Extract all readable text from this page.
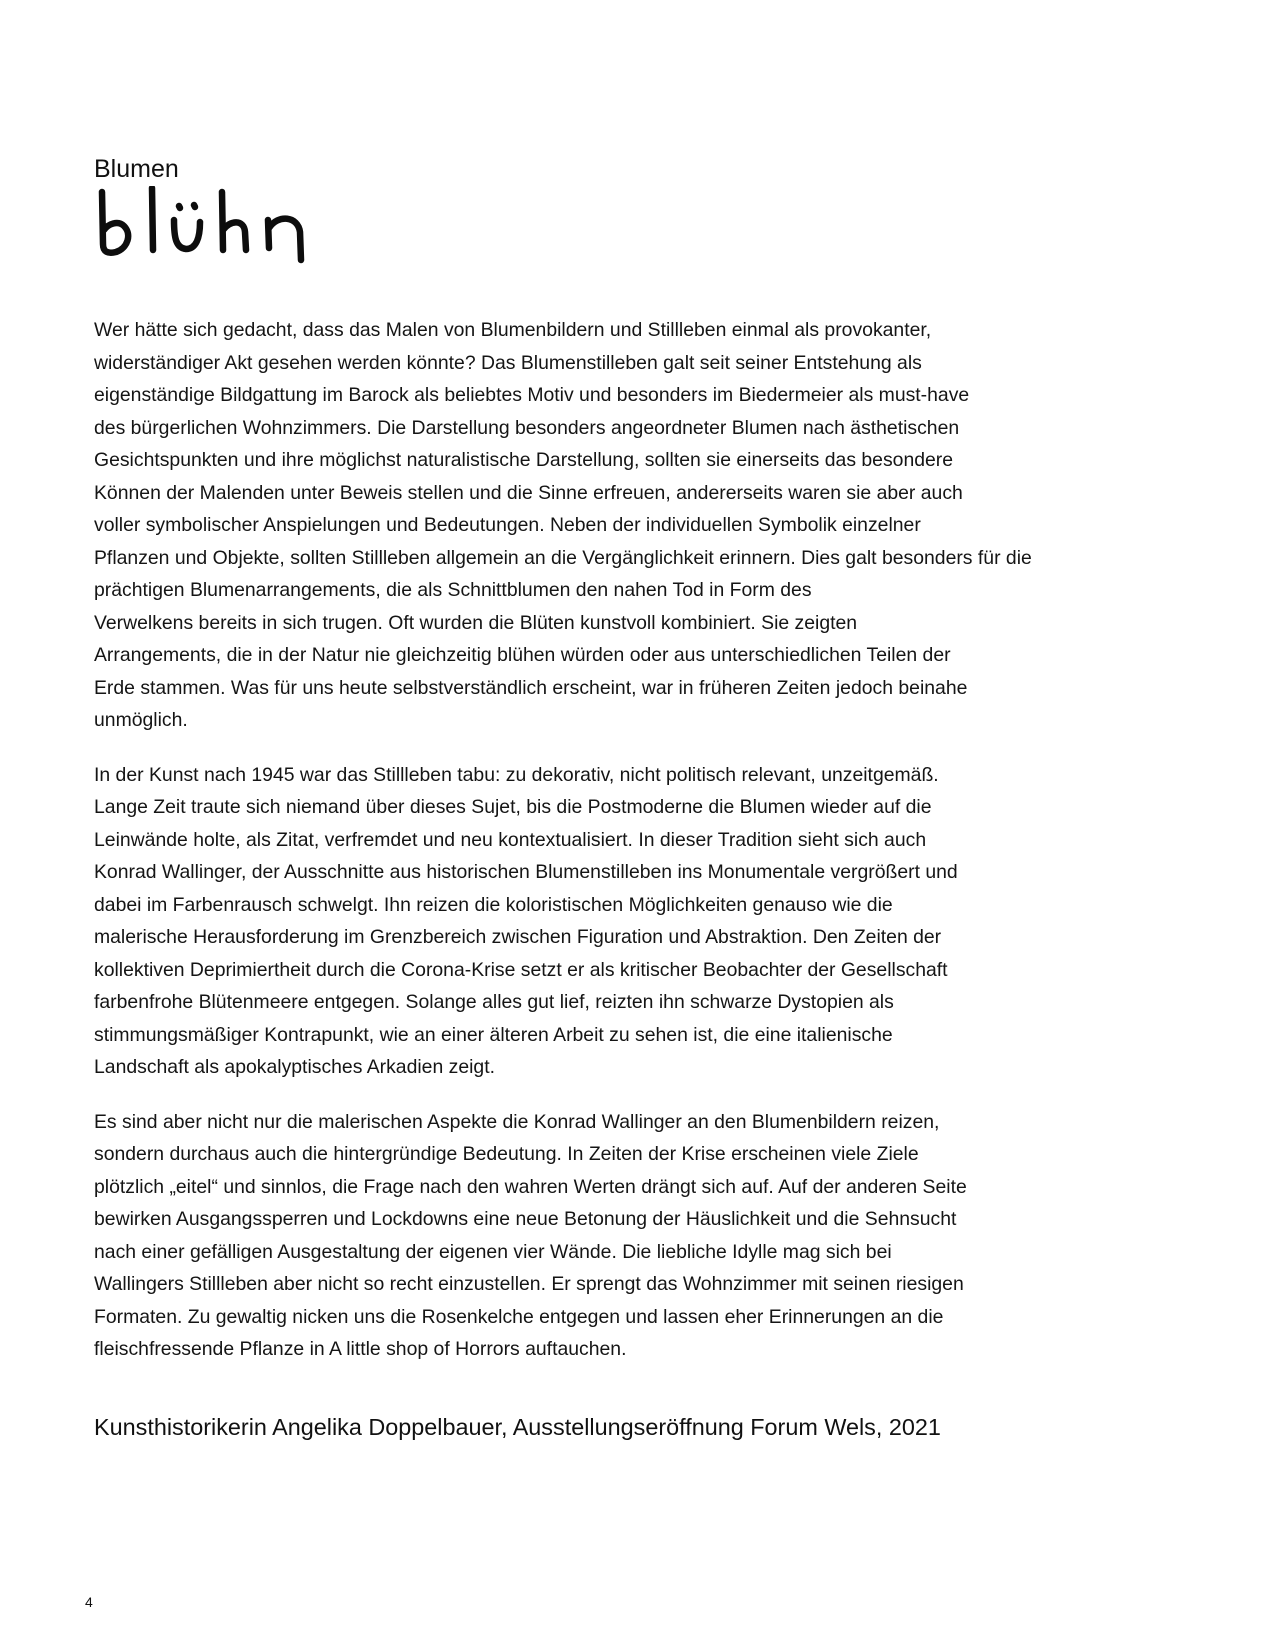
Blumen

Wer hätte sich gedacht, dass das Malen von Blumenbildern und Stillleben einmal als provokanter,
widerständiger Akt gesehen werden könnte? Das Blumenstilleben galt seit seiner Entstehung als
eigenständige Bildgattung im Barock als beliebtes Motiv und besonders im Biedermeier als must-have
des bürgerlichen Wohnzimmers. Die Darstellung besonders angeordneter Blumen nach ästhetischen
Gesichtspunkten und ihre möglichst naturalistische Darstellung, sollten sie einerseits das besondere
Können der Malenden unter Beweis stellen und die Sinne erfreuen, andererseits waren sie aber auch
voller symbolischer Anspielungen und Bedeutungen. Neben der individuellen Symbolik einzelner
Pflanzen und Objekte, sollten Stillleben allgemein an die Vergänglichkeit erinnern. Dies galt besonders für die
prächtigen Blumenarrangements, die als Schnittblumen den nahen Tod in Form des
Verwelkens bereits in sich trugen. Oft wurden die Blüten kunstvoll kombiniert. Sie zeigten
Arrangements, die in der Natur nie gleichzeitig blühen würden oder aus unterschiedlichen Teilen der
Erde stammen. Was für uns heute selbstverständlich erscheint, war in früheren Zeiten jedoch beinahe
unmöglich.

In der Kunst nach 1945 war das Stillleben tabu: zu dekorativ, nicht politisch relevant, unzeitgemäß.
Lange Zeit traute sich niemand über dieses Sujet, bis die Postmoderne die Blumen wieder auf die
Leinwände holte, als Zitat, verfremdet und neu kontextualisiert. In dieser Tradition sieht sich auch
Konrad Wallinger, der Ausschnitte aus historischen Blumenstilleben ins Monumentale vergrößert und
dabei im Farbenrausch schwelgt. Ihn reizen die koloristischen Möglichkeiten genauso wie die
malerische Herausforderung im Grenzbereich zwischen Figuration und Abstraktion. Den Zeiten der
kollektiven Deprimiertheit durch die Corona-Krise setzt er als kritischer Beobachter der Gesellschaft
farbenfrohe Blütenmeere entgegen. Solange alles gut lief, reizten ihn schwarze Dystopien als
stimmungsmäßiger Kontrapunkt, wie an einer älteren Arbeit zu sehen ist, die eine italienische
Landschaft als apokalyptisches Arkadien zeigt.

Es sind aber nicht nur die malerischen Aspekte die Konrad Wallinger an den Blumenbildern reizen,
sondern durchaus auch die hintergründige Bedeutung. In Zeiten der Krise erscheinen viele Ziele
plötzlich „eitel“ und sinnlos, die Frage nach den wahren Werten drängt sich auf. Auf der anderen Seite
bewirken Ausgangssperren und Lockdowns eine neue Betonung der Häuslichkeit und die Sehnsucht
nach einer gefälligen Ausgestaltung der eigenen vier Wände. Die liebliche Idylle mag sich bei
Wallingers Stillleben aber nicht so recht einzustellen. Er sprengt das Wohnzimmer mit seinen riesigen
Formaten. Zu gewaltig nicken uns die Rosenkelche entgegen und lassen eher Erinnerungen an die
fleischfressende Pflanze in A little shop of Horrors auftauchen.

Kunsthistorikerin Angelika Doppelbauer, Ausstellungseröffnung Forum Wels, 2021
4
